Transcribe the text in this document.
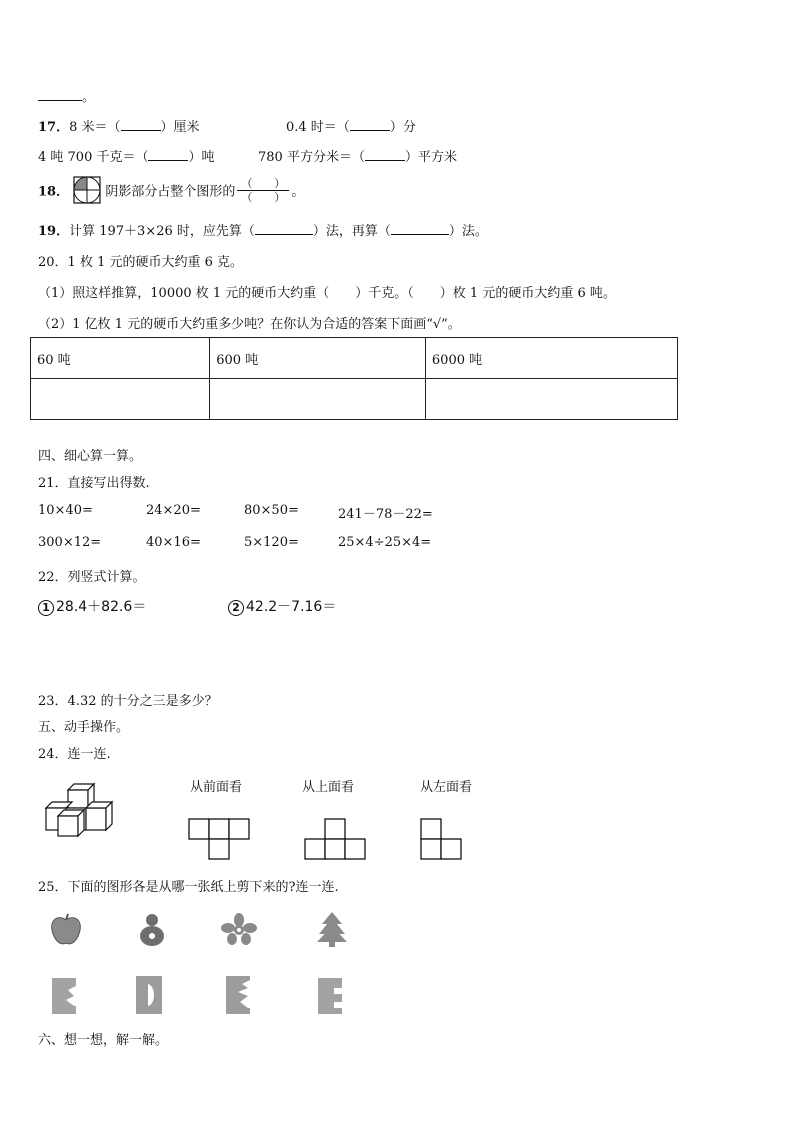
。
17．8 米＝（	）厘米	0.4 时＝（	）分
4 吨 700 千克＝（	）吨	780 平方分米＝（	）平方米
18．	阴影部分占整个图形的 $\frac{( )}{( )}$ 。
19．计算 197＋3×26 时，应先算（	）法，再算（	）法。
20．1 枚 1 元的硬币大约重 6 克。
（1）照这样推算，10000 枚 1 元的硬币大约重（　　）千克。（　　）枚 1 元的硬币大约重 6 吨。
（2）1 亿枚 1 元的硬币大约重多少吨？在你认为合适的答案下面画“√”。
60 吨	600 吨	6000 吨

四、细心算一算。
21．直接写出得数.
10×40=	24×20=	80×50=	241－78－22=
300×12=	40×16=	5×120=	25×4÷25×4=
22．列竖式计算。
1 28.4＋82.6＝	2 42.2－7.16＝
23．4.32 的十分之三是多少？
五、动手操作。
24．连一连.
从前面看	从上面看	从左面看
25．下面的图形各是从哪一张纸上剪下来的?连一连.
六、想一想，解一解。
